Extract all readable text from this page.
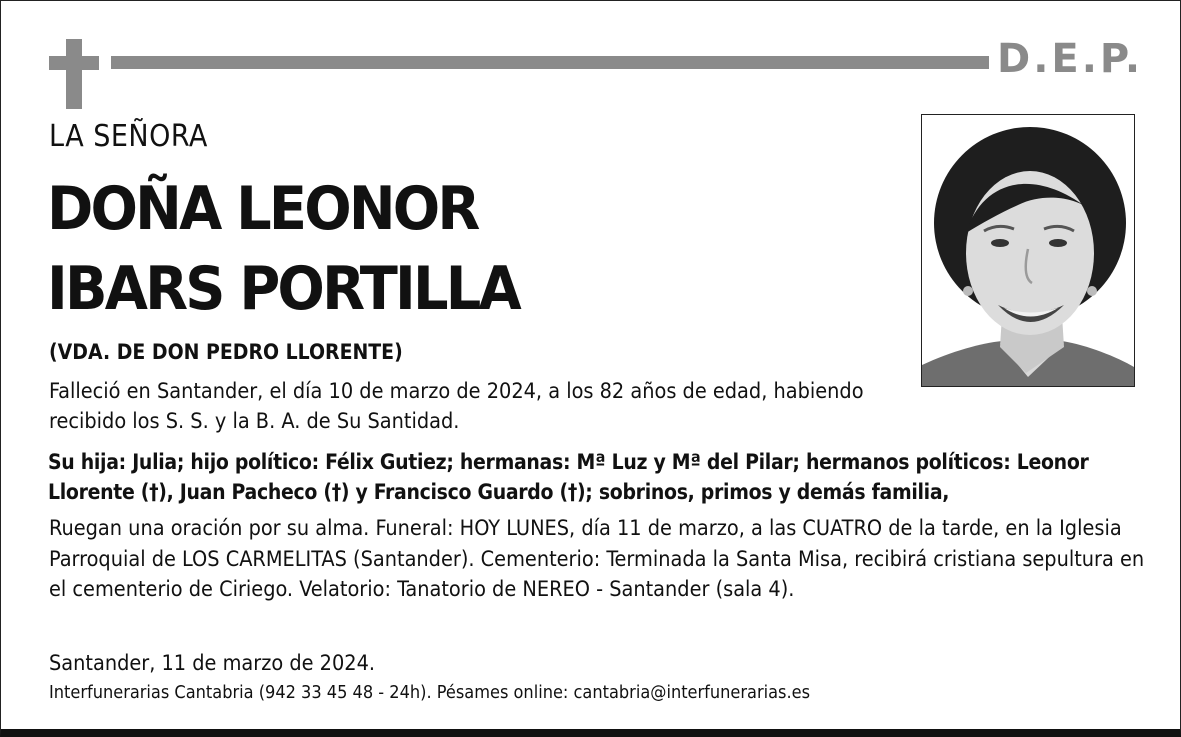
D.E.P.
LA SEÑORA
DOÑA LEONOR
IBARS PORTILLA
(VDA. DE DON PEDRO LLORENTE)
Falleció en Santander, el día 10 de marzo de 2024, a los 82 años de edad, habiendo recibido los S. S. y la B. A. de Su Santidad.
Su hija: Julia; hijo político: Félix Gutiez; hermanas: Mª Luz y Mª del Pilar; hermanos políticos: Leonor Llorente (†), Juan Pacheco (†) y Francisco Guardo (†); sobrinos, primos y demás familia,
Ruegan una oración por su alma. Funeral: HOY LUNES, día 11 de marzo, a las CUATRO de la tarde, en la Iglesia Parroquial de LOS CARMELITAS (Santander). Cementerio: Terminada la Santa Misa, recibirá cristiana sepultura en el cementerio de Ciriego. Velatorio: Tanatorio de NEREO - Santander (sala 4).
Santander, 11 de marzo de 2024.
Interfunerarias Cantabria (942 33 45 48 - 24h). Pésames online: cantabria@interfunerarias.es
